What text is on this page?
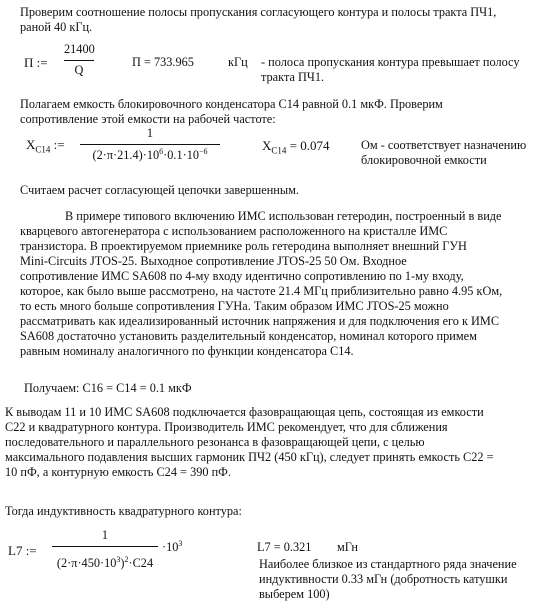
Проверим соотношение полосы пропускания согласующего контура и полосы тракта ПЧ1,
раной 40 кГц.
П :=
21400
Q
П = 733.965	кГц - полоса пропускания контура превышает полосу
тракта ПЧ1.
Полагаем емкость блокировочного конденсатора С14 равной 0.1 мкФ. Проверим
сопротивление этой емкости на рабочей частоте:
$X_{C14}$ :=
1
$(2\cdot\pi\cdot 21.4)\cdot 10^6\cdot 0.1\cdot 10^{-6}$	$X_{C14} = 0.074$	Ом - соответствует назначению
блокировочной емкости
Считаем расчет согласующей цепочки завершенным.
В примере типового включению ИМС использован гетеродин, построенный в виде
кварцевого автогенератора с использованием расположенного на кристалле ИМС
транзистора. В проектируемом приемнике роль гетеродина выполняет внешний ГУН
Mini-Circuits JTOS-25. Выходное сопротивление JTOS-25 50 Ом. Входное
сопротивление ИМС SA608 по 4-му входу идентично сопротивлению по 1-му входу,
которое, как было выше рассмотрено, на частоте 21.4 МГц приблизительно равно 4.95 кОм,
то есть много больше сопротивления ГУНа. Таким образом ИМС JTOS-25 можно
рассматривать как идеализированный источник напряжения и для подключения его к ИМС
SA608 достаточно установить разделительный конденсатор, номинал которого примем
равным номиналу аналогичного по функции конденсатора С14.
Получаем: С16 = С14 = 0.1 мкФ
К выводам 11 и 10 ИМС SA608 подключается фазовращающая цепь, состоящая из емкости
С22 и квадратурного контура. Производитель ИМС рекомендует, что для сближения
последовательного и параллельного резонанса в фазовращающей цепи, с целью
максимального подавления высших гармоник ПЧ2 (450 кГц), следует принять емкость С22 =
10 пФ, а контурную емкость С24 = 390 пФ.
Тогда индуктивность квадратурного контура:
L7 :=
1
$(2\cdot\pi\cdot 450\cdot 10^3)^2\cdot C24$
$\cdot 10^3$	L7 = 0.321 мГн
Наиболее близкое из стандартного ряда значение
индуктивности 0.33 мГн (добротность катушки
выберем 100)
